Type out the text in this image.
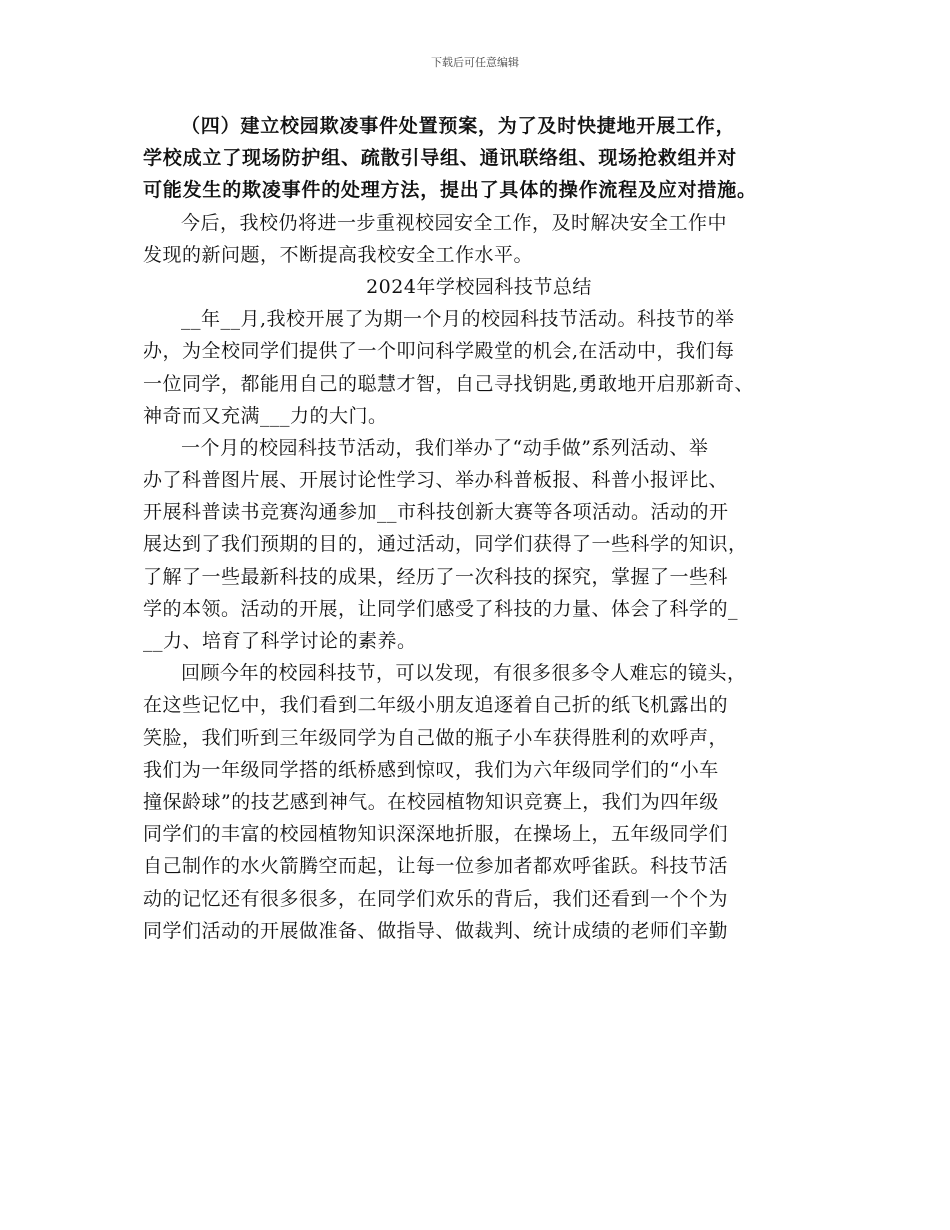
下载后可任意编辑
（四）建立校园欺凌事件处置预案，为了及时快捷地开展工作，
学校成立了现场防护组、疏散引导组、通讯联络组、现场抢救组并对
可能发生的欺凌事件的处理方法，提出了具体的操作流程及应对措施。
今后，我校仍将进一步重视校园安全工作，及时解决安全工作中
发现的新问题，不断提高我校安全工作水平。
2024年学校园科技节总结
__年__月,我校开展了为期一个月的校园科技节活动。科技节的举
办，为全校同学们提供了一个叩问科学殿堂的机会,在活动中，我们每
一位同学，都能用自己的聪慧才智，自己寻找钥匙,勇敢地开启那新奇、
神奇而又充满___力的大门。
一个月的校园科技节活动，我们举办了“动手做”系列活动、举
办了科普图片展、开展讨论性学习、举办科普板报、科普小报评比、
开展科普读书竞赛沟通参加__市科技创新大赛等各项活动。活动的开
展达到了我们预期的目的，通过活动，同学们获得了一些科学的知识，
了解了一些最新科技的成果，经历了一次科技的探究，掌握了一些科
学的本领。活动的开展，让同学们感受了科技的力量、体会了科学的_
__力、培育了科学讨论的素养。
回顾今年的校园科技节，可以发现，有很多很多令人难忘的镜头，
在这些记忆中，我们看到二年级小朋友追逐着自己折的纸飞机露出的
笑脸，我们听到三年级同学为自己做的瓶子小车获得胜利的欢呼声，
我们为一年级同学搭的纸桥感到惊叹，我们为六年级同学们的“小车
撞保龄球”的技艺感到神气。在校园植物知识竞赛上，我们为四年级
同学们的丰富的校园植物知识深深地折服，在操场上，五年级同学们
自己制作的水火箭腾空而起，让每一位参加者都欢呼雀跃。科技节活
动的记忆还有很多很多，在同学们欢乐的背后，我们还看到一个个为
同学们活动的开展做准备、做指导、做裁判、统计成绩的老师们辛勤
